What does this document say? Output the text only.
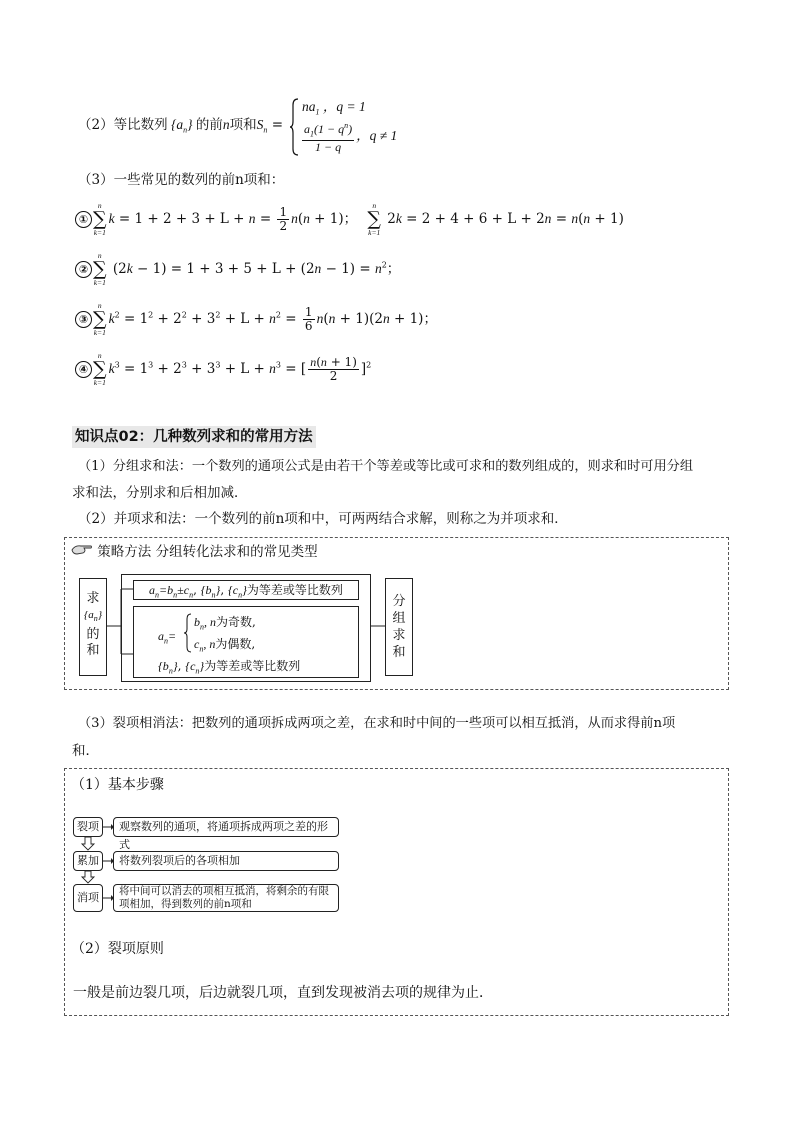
（2）等比数列 $\{a_n\}$ 的前n项和$S_n$ =
$na_1$ ，q = 1
$\frac{a_1(1 - q^n)}{1 - q}$ ，q ≠ 1
（3）一些常见的数列的前n项和：
①
n
∑
k=1
$k = 1 + 2 + 3 + L + n = \frac{1}{2} n(n + 1)$；
n
∑
k=1
2k = 2 + 4 + 6 + L + 2n = n(n + 1)
②
n
∑
k=1
$(2k - 1) = 1 + 3 + 5 + L + (2n - 1) = n^2$；
③
n
∑
k=1
$k^2 = 1^2 + 2^2 + 3^2 + L + n^2 = \frac{1}{6} n(n + 1)(2n + 1)$；
④
n
∑
k=1
$k^3 = 1^3 + 2^3 + 3^3 + L + n^3$ = [ $\frac{n(n + 1)}{2} ]^2$
知识点02：几种数列求和的常用方法
（1）分组求和法：一个数列的通项公式是由若干个等差或等比或可求和的数列组成的，则求和时可用分组
求和法，分别求和后相加减．
（2）并项求和法：一个数列的前n项和中，可两两结合求解，则称之为并项求和．
策略方法 分组转化法求和的常见类型
求
$\{a_n\}$
的
和
$a_n=b_n\pm c_n$, $\{b_n\}$, $\{c_n\}$为等差或等比数列
$a_n=$
$b_n$, n为奇数,
$c_n$, n为偶数,
$\{b_n\}$, $\{c_n\}$为等差或等比数列
分
组
求
和
（3）裂项相消法：把数列的通项拆成两项之差，在求和时中间的一些项可以相互抵消，从而求得前n项
和．
（1）基本步骤
裂项	观察数列的通项，将通项拆成两项之差的形式
累加	将数列裂项后的各项相加
消项	将中间可以消去的项相互抵消，将剩余的有限项相加，得到数列的前n项和
（2）裂项原则
一般是前边裂几项，后边就裂几项，直到发现被消去项的规律为止．
